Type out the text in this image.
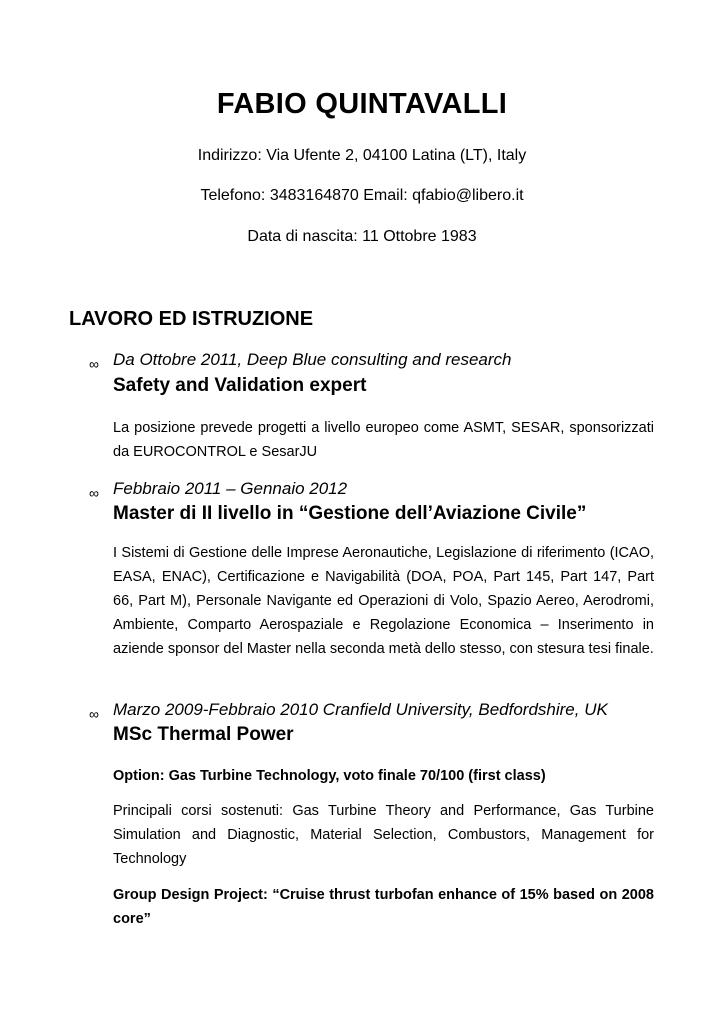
FABIO QUINTAVALLI
Indirizzo: Via Ufente 2, 04100 Latina (LT), Italy
Telefono: 3483164870 Email: qfabio@libero.it
Data di nascita: 11 Ottobre 1983
LAVORO ED ISTRUZIONE
∞ Da Ottobre 2011, Deep Blue consulting and research
Safety and Validation expert
La posizione prevede progetti a livello europeo come ASMT, SESAR, sponsorizzati da EUROCONTROL e SesarJU
∞ Febbraio 2011 – Gennaio 2012
Master di II livello in “Gestione dell’Aviazione Civile”
I Sistemi di Gestione delle Imprese Aeronautiche, Legislazione di riferimento (ICAO, EASA, ENAC), Certificazione e Navigabilità (DOA, POA, Part 145, Part 147, Part 66, Part M), Personale Navigante ed Operazioni di Volo, Spazio Aereo, Aerodromi, Ambiente, Comparto Aerospaziale e Regolazione Economica – Inserimento in aziende sponsor del Master nella seconda metà dello stesso, con stesura tesi finale.
∞ Marzo 2009-Febbraio 2010 Cranfield University, Bedfordshire, UK
MSc Thermal Power
Option: Gas Turbine Technology, voto finale 70/100 (first class)
Principali corsi sostenuti: Gas Turbine Theory and Performance, Gas Turbine Simulation and Diagnostic, Material Selection, Combustors, Management for Technology
Group Design Project: “Cruise thrust turbofan enhance of 15% based on 2008 core”
